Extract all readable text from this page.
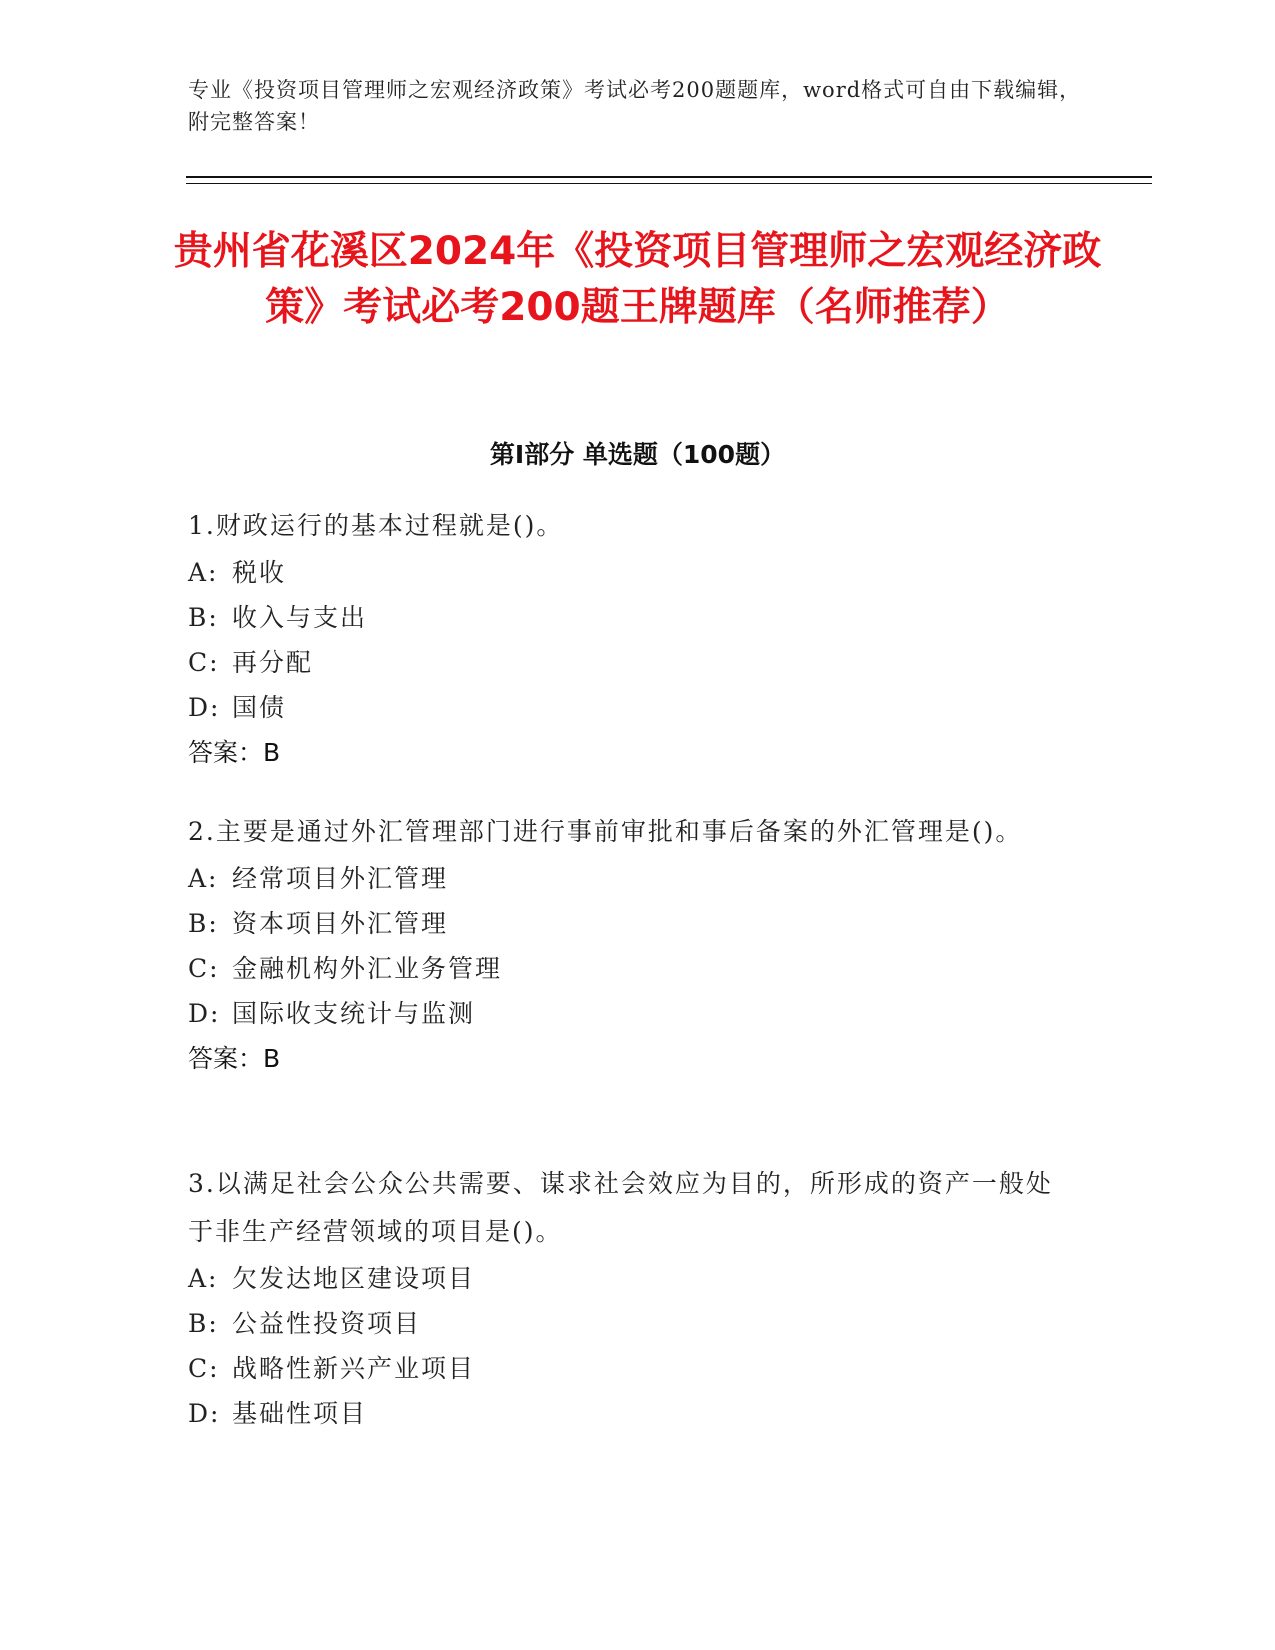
专业《投资项目管理师之宏观经济政策》考试必考200题题库，word格式可自由下载编辑，附完整答案！
贵州省花溪区2024年《投资项目管理师之宏观经济政策》考试必考200题王牌题库（名师推荐）
第I部分 单选题（100题）
1.财政运行的基本过程就是()。
A: 税收
B: 收入与支出
C: 再分配
D: 国债
答案：B
2.主要是通过外汇管理部门进行事前审批和事后备案的外汇管理是()。
A: 经常项目外汇管理
B: 资本项目外汇管理
C: 金融机构外汇业务管理
D: 国际收支统计与监测
答案：B
3.以满足社会公众公共需要、谋求社会效应为目的，所形成的资产一般处于非生产经营领域的项目是()。
A: 欠发达地区建设项目
B: 公益性投资项目
C: 战略性新兴产业项目
D: 基础性项目
